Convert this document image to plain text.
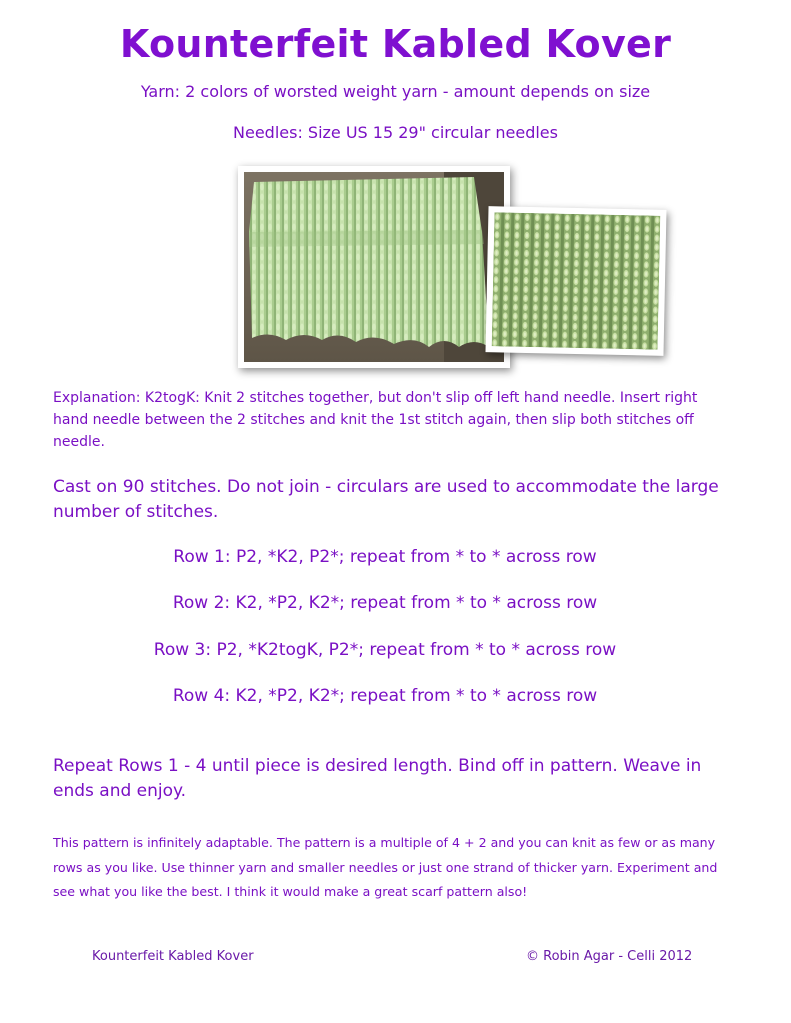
Kounterfeit Kabled Kover
Yarn: 2 colors of worsted weight yarn - amount depends on size
Needles: Size US 15 29" circular needles
Explanation: K2togK: Knit 2 stitches together, but don't slip off left hand needle. Insert right hand needle between the 2 stitches and knit the 1st stitch again, then slip both stitches off needle.
Cast on 90 stitches. Do not join - circulars are used to accommodate the large number of stitches.
Row 1: P2, *K2, P2*; repeat from * to * across row
Row 2: K2, *P2, K2*; repeat from * to * across row
Row 3: P2, *K2togK, P2*; repeat from * to * across row
Row 4: K2, *P2, K2*; repeat from * to * across row
Repeat Rows 1 - 4 until piece is desired length. Bind off in pattern. Weave in ends and enjoy.
This pattern is infinitely adaptable. The pattern is a multiple of 4 + 2 and you can knit as few or as many rows as you like. Use thinner yarn and smaller needles or just one strand of thicker yarn. Experiment and see what you like the best. I think it would make a great scarf pattern also!
Kounterfeit Kabled Kover	© Robin Agar - Celli 2012
